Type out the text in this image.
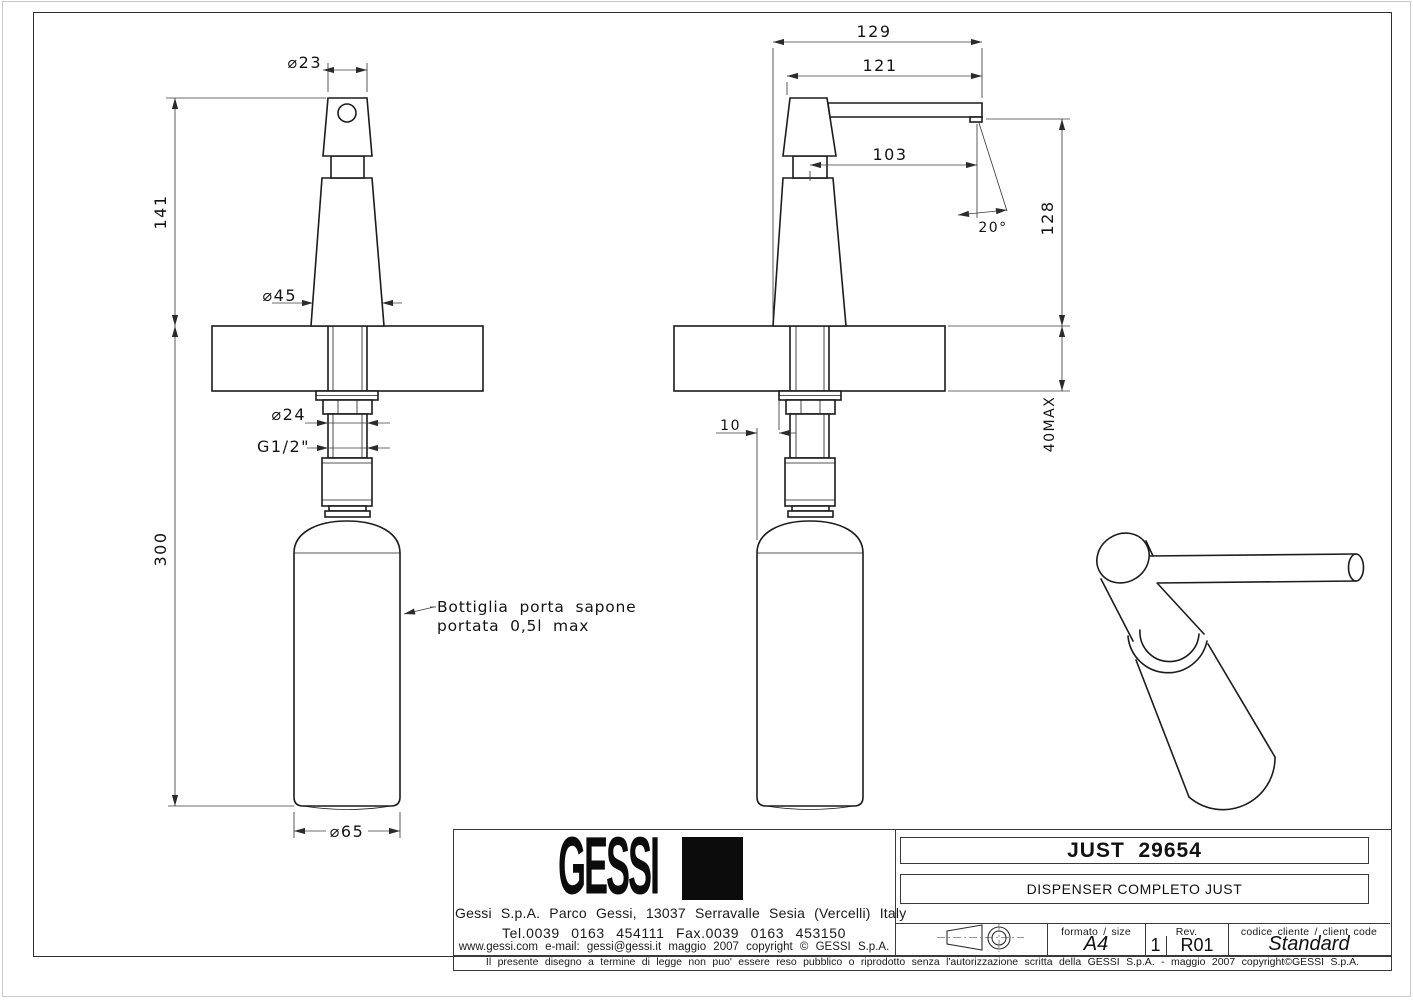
⌀23
141
⌀45
⌀24
G1/2"
300
⌀65
Bottiglia porta sapone
portata 0,5l max
129
121
103
20° 128
40MAX
10
GESSI
Gessi S.p.A. Parco Gessi, 13037 Serravalle Sesia (Vercelli) Italy
Tel.0039 0163 454111 Fax.0039 0163 453150
www.gessi.com e-mail: gessi@gessi.it maggio 2007 copyright © GESSI S.p.A.
JUST  29654
DISPENSER COMPLETO JUST
formato / size
A4
Rev.
1	R01
codice cliente / client code
Standard
Il presente disegno a termine di legge non puo' essere reso pubblico o riprodotto senza l'autorizzazione scritta della GESSI S.p.A. - maggio 2007 copyright©GESSI S.p.A.
